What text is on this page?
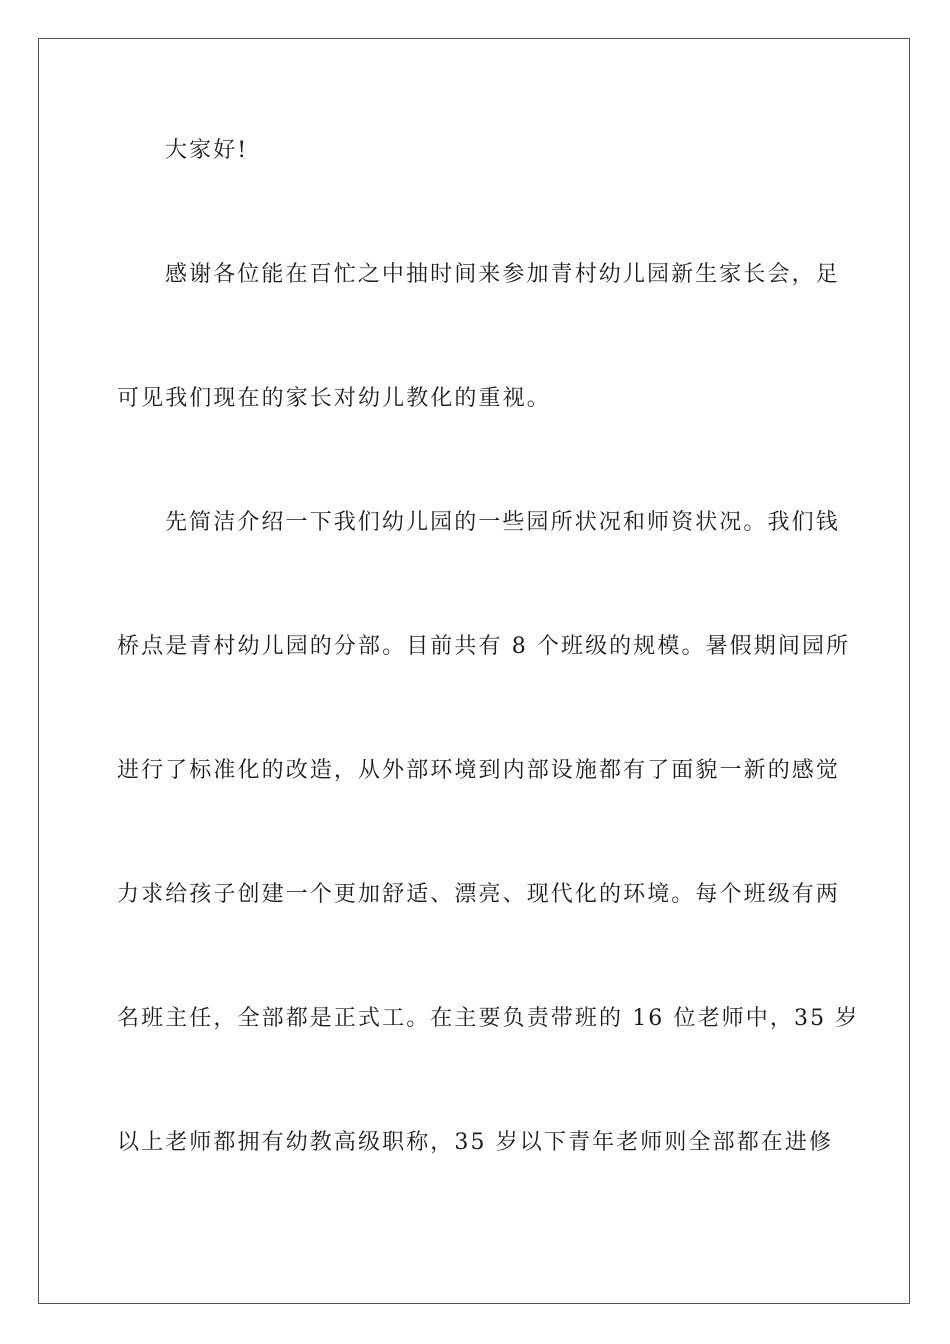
大家好!
感谢各位能在百忙之中抽时间来参加青村幼儿园新生家长会，足
可见我们现在的家长对幼儿教化的重视。
先简洁介绍一下我们幼儿园的一些园所状况和师资状况。我们钱
桥点是青村幼儿园的分部。目前共有 8 个班级的规模。暑假期间园所
进行了标准化的改造，从外部环境到内部设施都有了面貌一新的感觉
力求给孩子创建一个更加舒适、漂亮、现代化的环境。每个班级有两
名班主任，全部都是正式工。在主要负责带班的 16 位老师中，35 岁
以上老师都拥有幼教高级职称，35 岁以下青年老师则全部都在进修
